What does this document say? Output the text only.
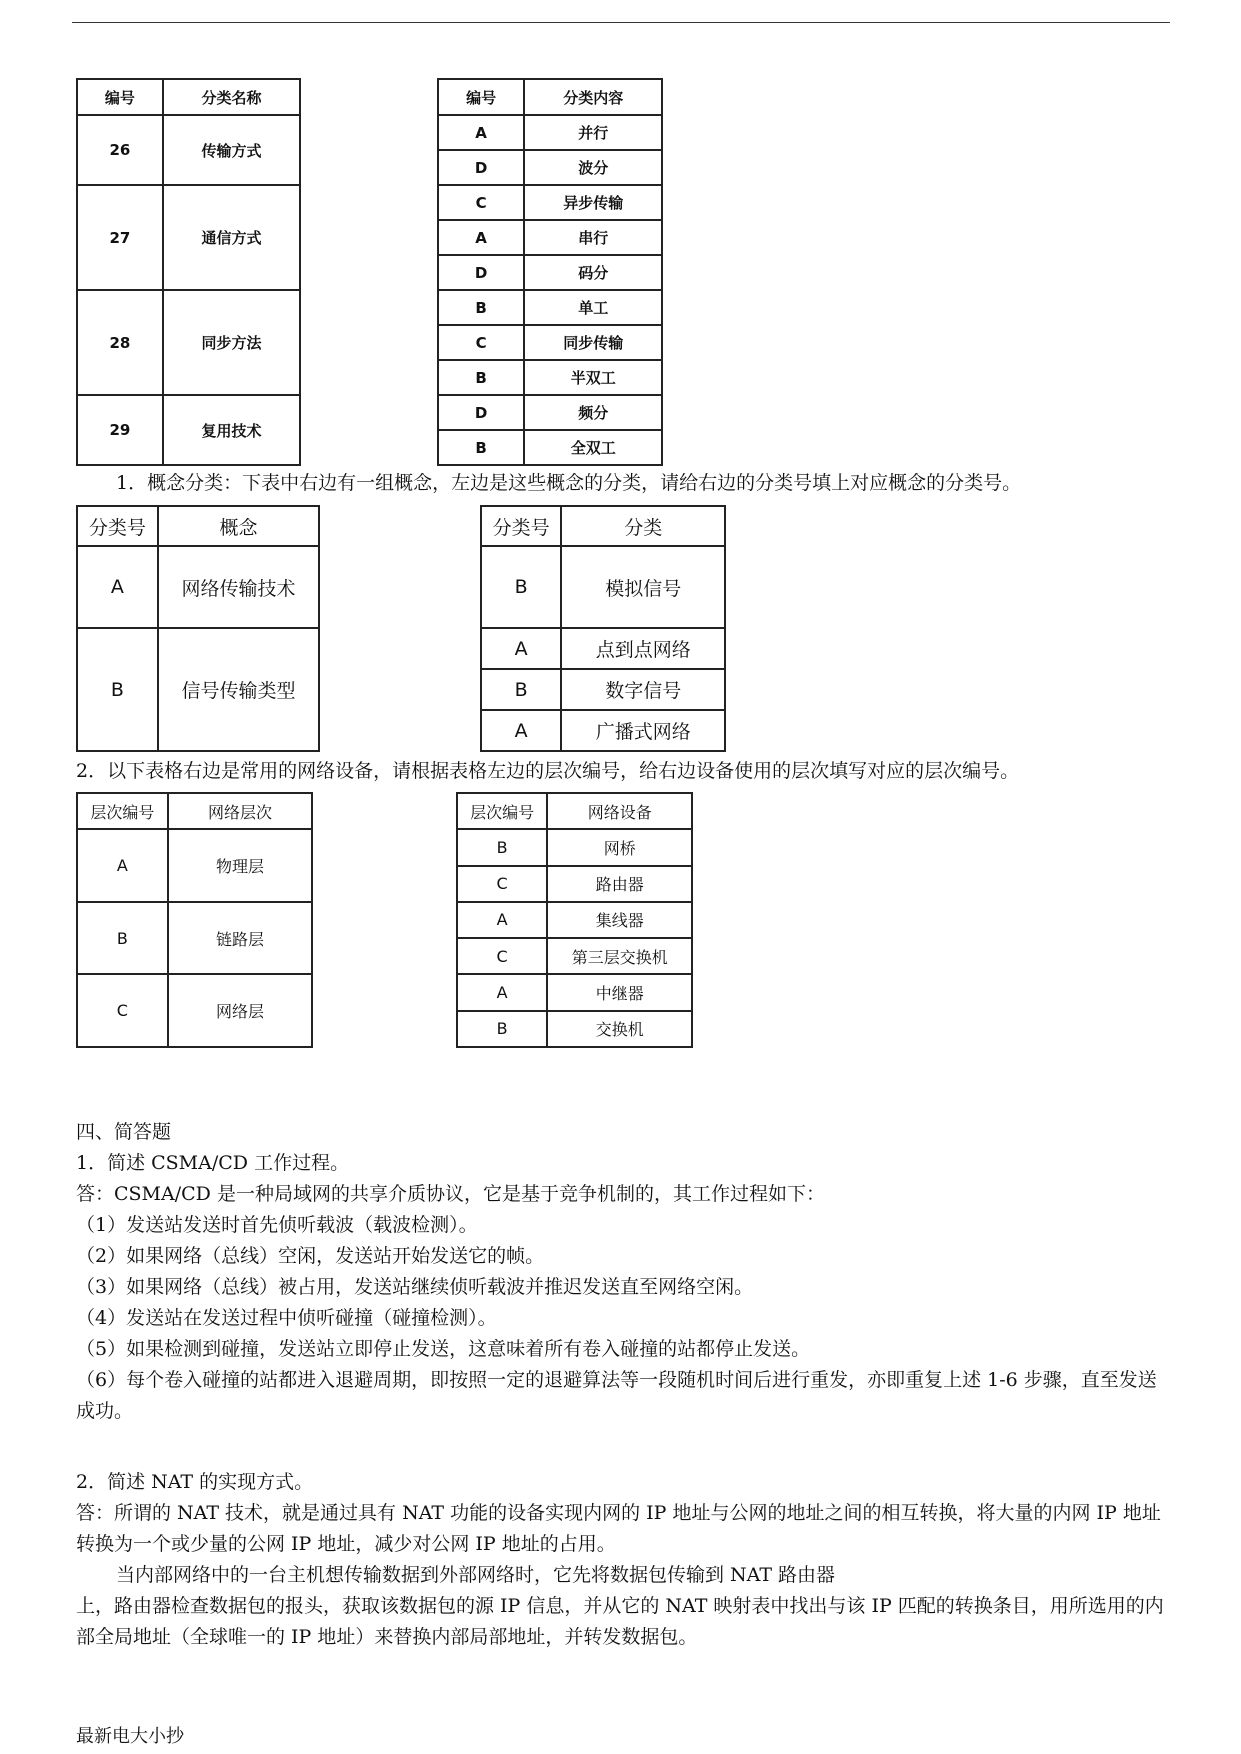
编号	分类名称		编号	分类内容
26	传输方式		A	并行
			D	波分
27	通信方式		C	异步传输
			A	串行
			D	码分
28	同步方法		B	单工
			C	同步传输
			B	半双工
29	复用技术		D	频分
			B	全双工
1．概念分类：下表中右边有一组概念，左边是这些概念的分类，请给右边的分类号填上对应概念的分类号。
分类号	概念		分类号	分类
A	网络传输技术		B	模拟信号
B	信号传输类型		A	点到点网络
			B	数字信号
			A	广播式网络
2．以下表格右边是常用的网络设备，请根据表格左边的层次编号，给右边设备使用的层次填写对应的层次编号。
层次编号	网络层次		层次编号	网络设备
A	物理层		B	网桥
			C	路由器
B	链路层		A	集线器
			C	第三层交换机
C	网络层		A	中继器
			B	交换机
四、简答题
1．简述 CSMA/CD 工作过程。
答：CSMA/CD 是一种局域网的共享介质协议，它是基于竞争机制的，其工作过程如下：
（1）发送站发送时首先侦听载波（载波检测）。
（2）如果网络（总线）空闲，发送站开始发送它的帧。
（3）如果网络（总线）被占用，发送站继续侦听载波并推迟发送直至网络空闲。
（4）发送站在发送过程中侦听碰撞（碰撞检测）。
（5）如果检测到碰撞，发送站立即停止发送，这意味着所有卷入碰撞的站都停止发送。
（6）每个卷入碰撞的站都进入退避周期，即按照一定的退避算法等一段随机时间后进行重发，亦即重复上述 1-6 步骤，直至发送成功。
2．简述 NAT 的实现方式。
答：所谓的 NAT 技术，就是通过具有 NAT 功能的设备实现内网的 IP 地址与公网的地址之间的相互转换，将大量的内网 IP 地址转换为一个或少量的公网 IP 地址，减少对公网 IP 地址的占用。
当内部网络中的一台主机想传输数据到外部网络时，它先将数据包传输到 NAT 路由器
上，路由器检查数据包的报头，获取该数据包的源 IP 信息，并从它的 NAT 映射表中找出与该 IP 匹配的转换条目，用所选用的内部全局地址（全球唯一的 IP 地址）来替换内部局部地址，并转发数据包。
最新电大小抄
